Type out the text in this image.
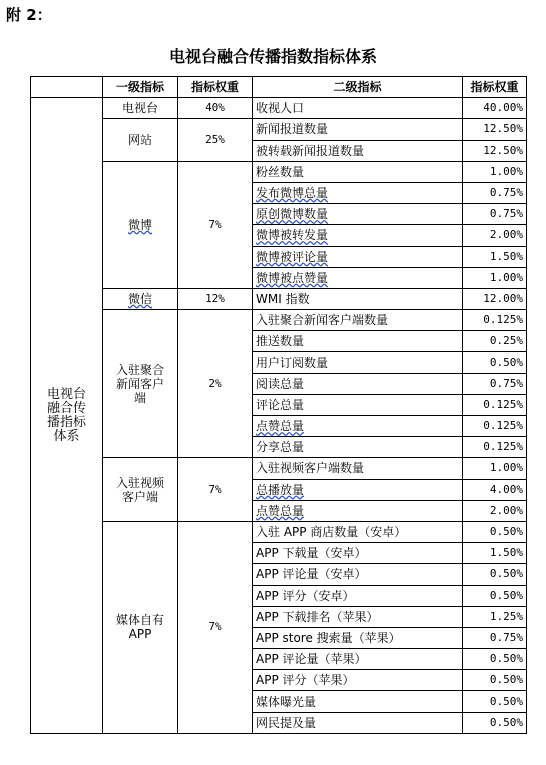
附 2：
电视台融合传播指数指标体系
	一级指标	指标权重	二级指标	指标权重
电视台融合传播指标体系	电视台	40%	收视人口	40.00%
	网站	25%	新闻报道数量	12.50%
			被转载新闻报道数量	12.50%
	微博	7%	粉丝数量	1.00%
			发布微博总量	0.75%
			原创微博数量	0.75%
			微博被转发量	2.00%
			微博被评论量	1.50%
			微博被点赞量	1.00%
	微信	12%	WMI 指数	12.00%
	入驻聚合新闻客户端	2%	入驻聚合新闻客户端数量	0.125%
			推送数量	0.25%
			用户订阅数量	0.50%
			阅读总量	0.75%
			评论总量	0.125%
			点赞总量	0.125%
			分享总量	0.125%
	入驻视频客户端	7%	入驻视频客户端数量	1.00%
			总播放量	4.00%
			点赞总量	2.00%
	媒体自有APP	7%	入驻 APP 商店数量（安卓）	0.50%
			APP 下载量（安卓）	1.50%
			APP 评论量（安卓）	0.50%
			APP 评分（安卓）	0.50%
			APP 下载排名（苹果）	1.25%
			APP store 搜索量（苹果）	0.75%
			APP 评论量（苹果）	0.50%
			APP 评分（苹果）	0.50%
			媒体曝光量	0.50%
			网民提及量	0.50%
